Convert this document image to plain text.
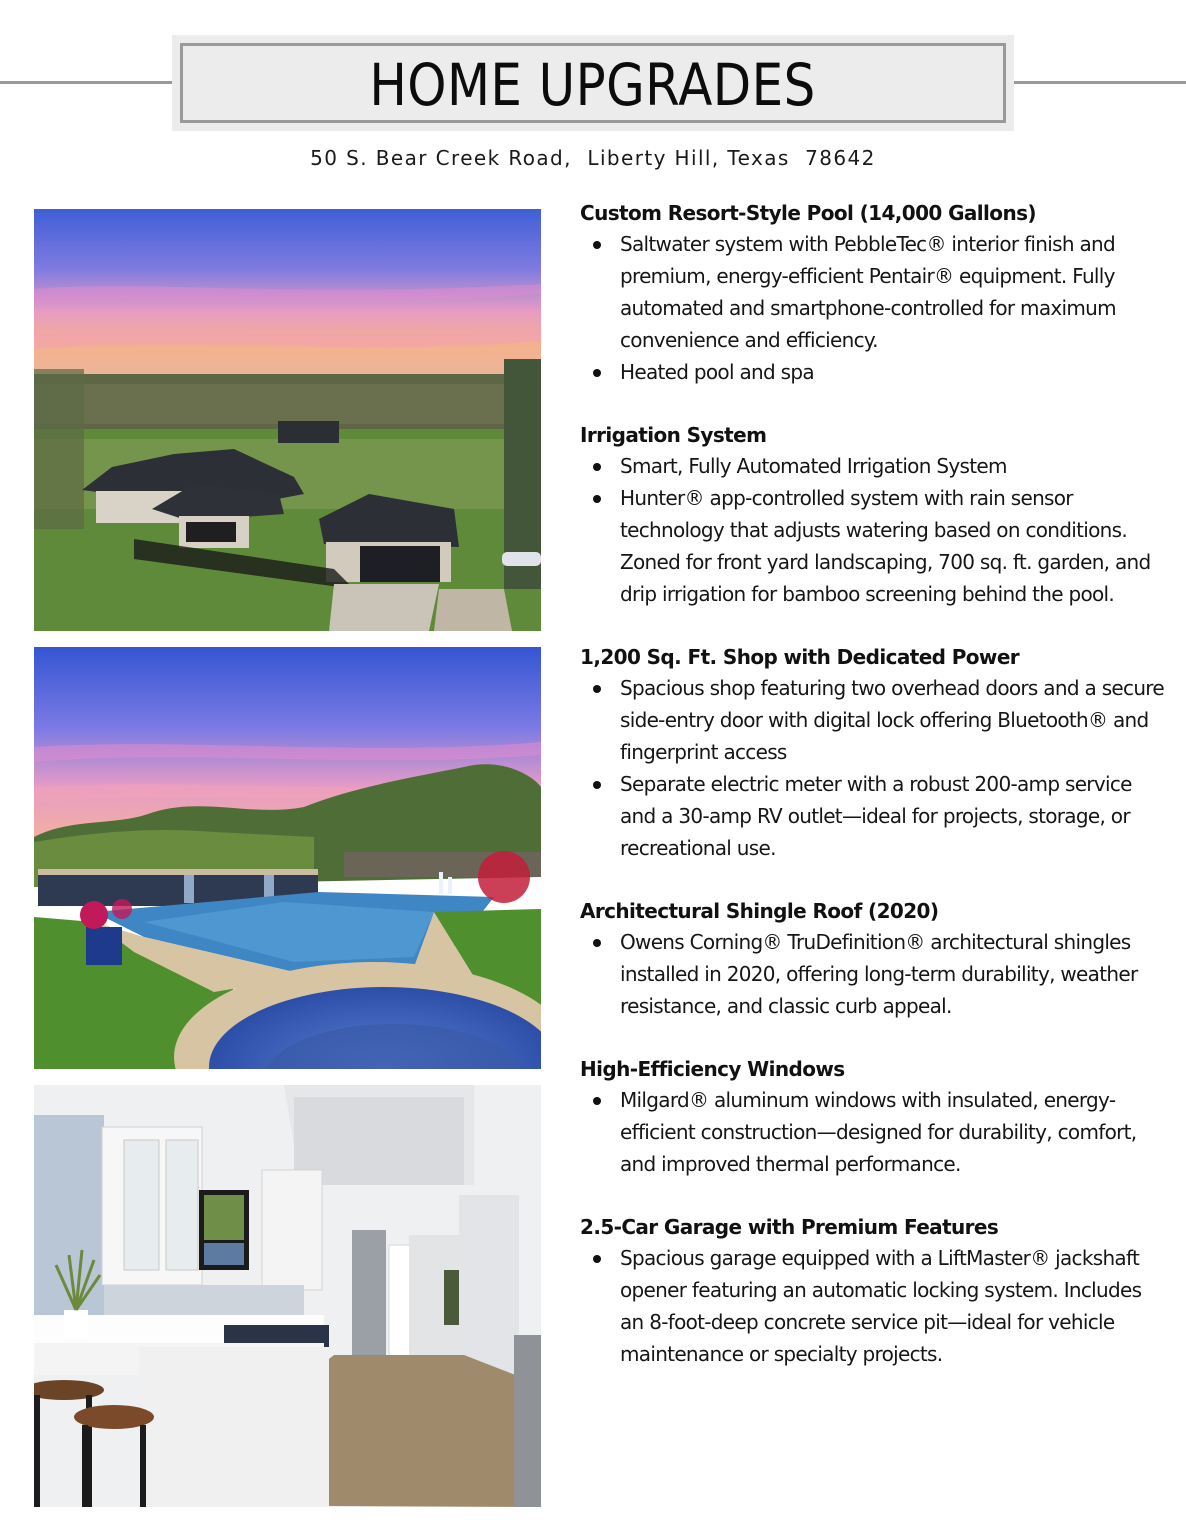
HOME UPGRADES
50 S. Bear Creek Road,  Liberty Hill, Texas  78642
Custom Resort-Style Pool (14,000 Gallons)
Saltwater system with PebbleTec® interior finish and premium, energy-efficient Pentair® equipment. Fully automated and smartphone-controlled for maximum convenience and efficiency.
Heated pool and spa
Irrigation System
Smart, Fully Automated Irrigation System
Hunter® app-controlled system with rain sensor technology that adjusts watering based on conditions. Zoned for front yard landscaping, 700 sq. ft. garden, and drip irrigation for bamboo screening behind the pool.
1,200 Sq. Ft. Shop with Dedicated Power
Spacious shop featuring two overhead doors and a secure side-entry door with digital lock offering Bluetooth® and fingerprint access
Separate electric meter with a robust 200-amp service and a 30-amp RV outlet—ideal for projects, storage, or recreational use.
Architectural Shingle Roof (2020)
Owens Corning® TruDefinition® architectural shingles installed in 2020, offering long-term durability, weather resistance, and classic curb appeal.
High-Efficiency Windows
Milgard® aluminum windows with insulated, energy-efficient construction—designed for durability, comfort, and improved thermal performance.
2.5-Car Garage with Premium Features
Spacious garage equipped with a LiftMaster® jackshaft opener featuring an automatic locking system. Includes an 8-foot-deep concrete service pit—ideal for vehicle maintenance or specialty projects.
